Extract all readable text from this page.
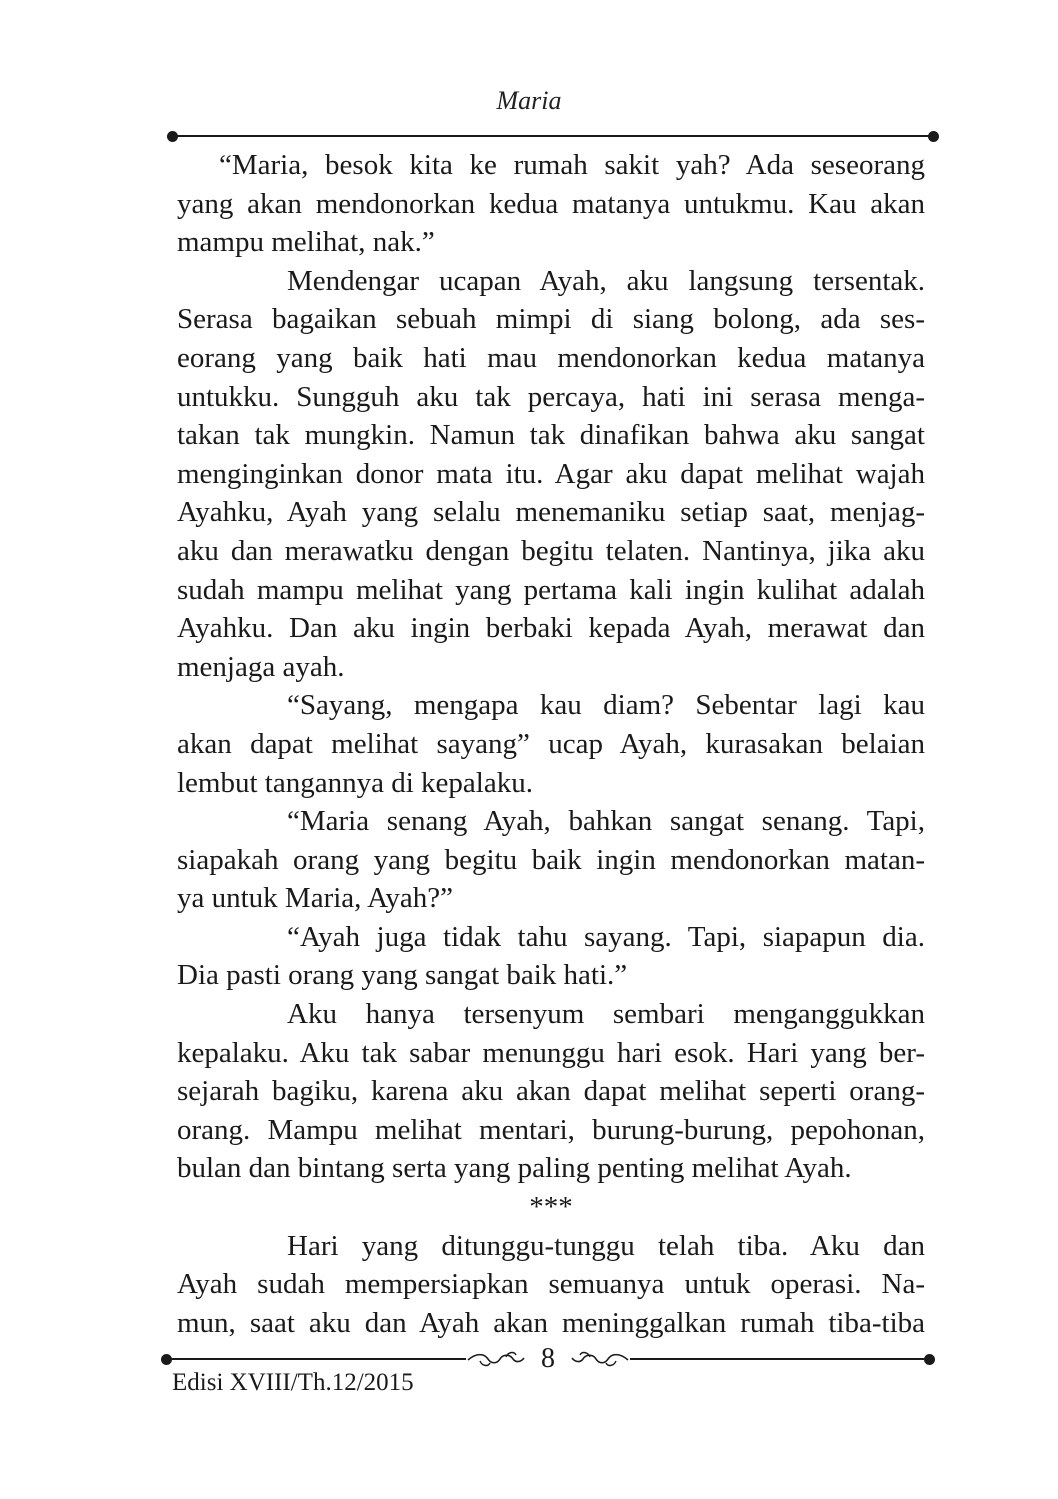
Maria

“Maria, besok kita ke rumah sakit yah? Ada seseorang

yang akan mendonorkan kedua matanya untukmu. Kau akan

mampu melihat, nak.”

Mendengar ucapan Ayah, aku langsung tersentak.

Serasa bagaikan sebuah mimpi di siang bolong, ada ses-

eorang yang baik hati mau mendonorkan kedua matanya

untukku. Sungguh aku tak percaya, hati ini serasa menga-

takan tak mungkin. Namun tak dinafikan bahwa aku sangat

menginginkan donor mata itu. Agar aku dapat melihat wajah

Ayahku, Ayah yang selalu menemaniku setiap saat, menjag-

aku dan merawatku dengan begitu telaten. Nantinya, jika aku

sudah mampu melihat yang pertama kali ingin kulihat adalah

Ayahku. Dan aku ingin berbaki kepada Ayah, merawat dan

menjaga ayah.

“Sayang, mengapa kau diam? Sebentar lagi kau

akan dapat melihat sayang” ucap Ayah, kurasakan belaian

lembut tangannya di kepalaku.

“Maria senang Ayah, bahkan sangat senang. Tapi,

siapakah orang yang begitu baik ingin mendonorkan matan-

ya untuk Maria, Ayah?”

“Ayah juga tidak tahu sayang. Tapi, siapapun dia.

Dia pasti orang yang sangat baik hati.”

Aku hanya tersenyum sembari menganggukkan

kepalaku. Aku tak sabar menunggu hari esok. Hari yang ber-

sejarah bagiku, karena aku akan dapat melihat seperti orang-

orang. Mampu melihat mentari, burung-burung, pepohonan,

bulan dan bintang serta yang paling penting melihat Ayah.

***

Hari yang ditunggu-tunggu telah tiba. Aku dan

Ayah sudah mempersiapkan semuanya untuk operasi. Na-

mun, saat aku dan Ayah akan meninggalkan rumah tiba-tiba

8
Edisi XVIII/Th.12/2015
